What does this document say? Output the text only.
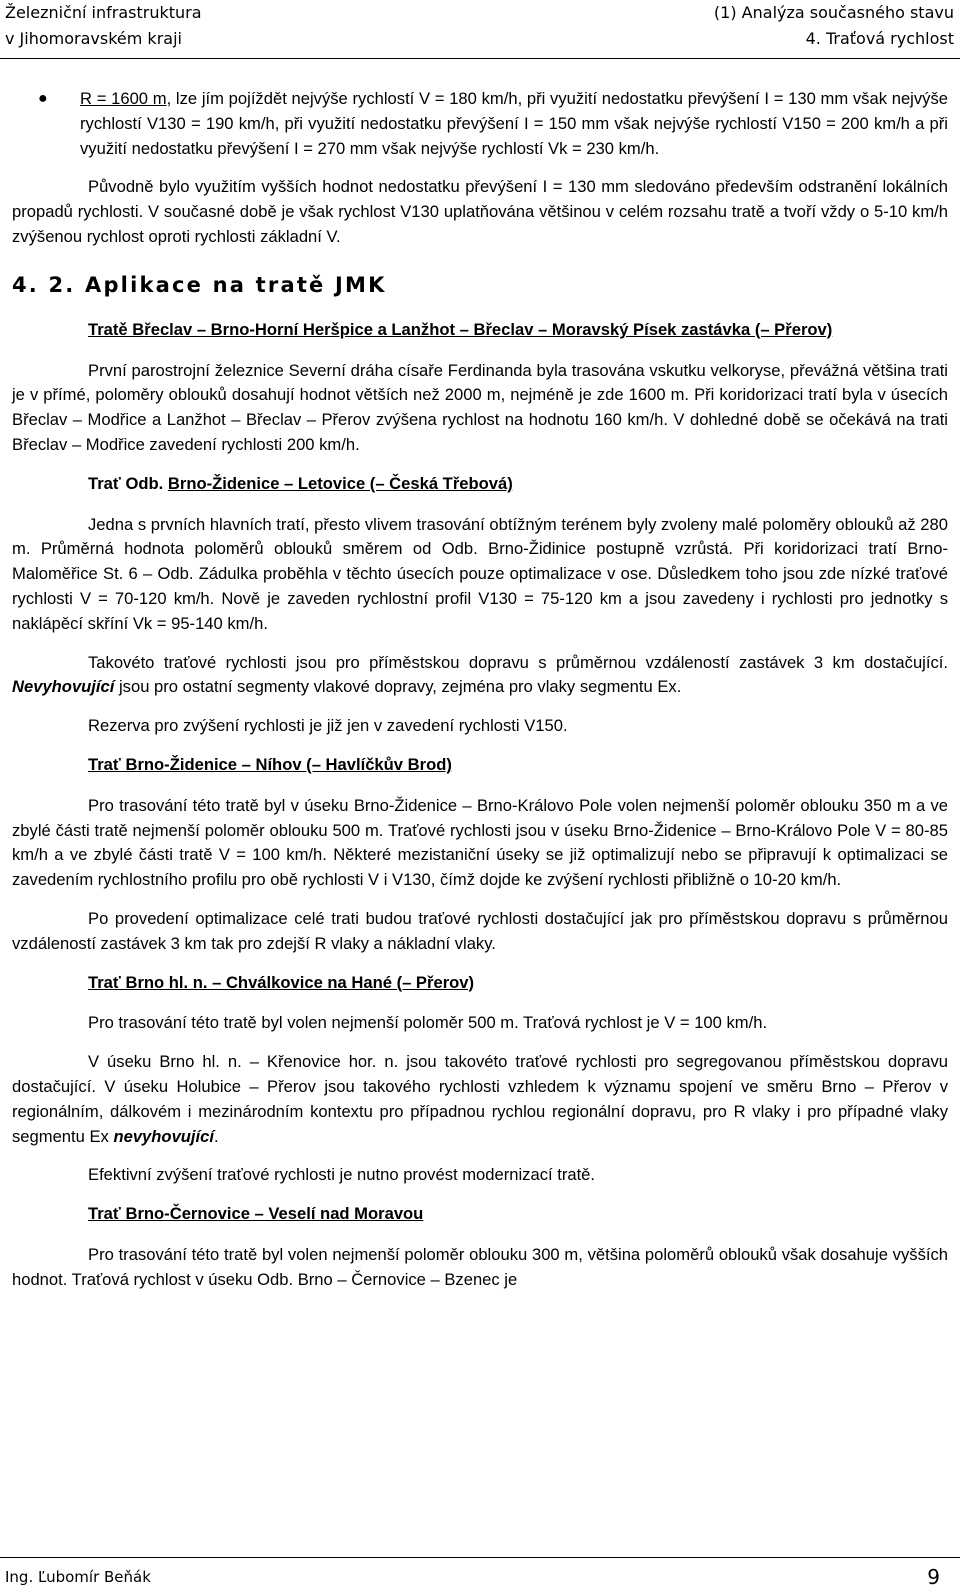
Železniční infrastruktura
v Jihomoravském kraji
(1) Analýza současného stavu
4. Traťová rychlost
● R = 1600 m, lze jím pojíždět nejvýše rychlostí V = 180 km/h, při využití nedostatku převýšení I = 130 mm však nejvýše rychlostí V130 = 190 km/h, při využití nedostatku převýšení I = 150 mm však nejvýše rychlostí V150 = 200 km/h a při využití nedostatku převýšení I = 270 mm však nejvýše rychlostí Vk = 230 km/h.

Původně bylo využitím vyšších hodnot nedostatku převýšení I = 130 mm sledováno především odstranění lokálních propadů rychlosti. V současné době je však rychlost V130 uplatňována většinou v celém rozsahu tratě a tvoří vždy o 5-10 km/h zvýšenou rychlost oproti rychlosti základní V.

4. 2. Aplikace na tratě JMK

Tratě Břeclav – Brno-Horní Heršpice a Lanžhot – Břeclav – Moravský Písek zastávka (– Přerov)

První parostrojní železnice Severní dráha císaře Ferdinanda byla trasována vskutku velkoryse, převážná většina trati je v přímé, poloměry oblouků dosahují hodnot větších než 2000 m, nejméně je zde 1600 m. Při koridorizaci tratí byla v úsecích Břeclav – Modřice a Lanžhot – Břeclav – Přerov zvýšena rychlost na hodnotu 160 km/h. V dohledné době se očekává na trati Břeclav – Modřice zavedení rychlosti 200 km/h.

Trať Odb. Brno-Židenice – Letovice (– Česká Třebová)

Jedna s prvních hlavních tratí, přesto vlivem trasování obtížným terénem byly zvoleny malé poloměry oblouků až 280 m. Průměrná hodnota poloměrů oblouků směrem od Odb. Brno-Židinice postupně vzrůstá. Při koridorizaci tratí Brno-Maloměřice St. 6 – Odb. Zádulka proběhla v těchto úsecích pouze optimalizace v ose. Důsledkem toho jsou zde nízké traťové rychlosti V = 70-120 km/h. Nově je zaveden rychlostní profil V130 = 75-120 km a jsou zavedeny i rychlosti pro jednotky s naklápěcí skříní Vk = 95-140 km/h.

Takovéto traťové rychlosti jsou pro příměstskou dopravu s průměrnou vzdáleností zastávek 3 km dostačující. Nevyhovující jsou pro ostatní segmenty vlakové dopravy, zejména pro vlaky segmentu Ex.

Rezerva pro zvýšení rychlosti je již jen v zavedení rychlosti V150.

Trať Brno-Židenice – Níhov (– Havlíčkův Brod)

Pro trasování této tratě byl v úseku Brno-Židenice – Brno-Královo Pole volen nejmenší poloměr oblouku 350 m a ve zbylé části tratě nejmenší poloměr oblouku 500 m. Traťové rychlosti jsou v úseku Brno-Židenice – Brno-Královo Pole V = 80-85 km/h a ve zbylé části tratě V = 100 km/h. Některé mezistaniční úseky se již optimalizují nebo se připravují k optimalizaci se zavedením rychlostního profilu pro obě rychlosti V i V130, čímž dojde ke zvýšení rychlosti přibližně o 10-20 km/h.

Po provedení optimalizace celé trati budou traťové rychlosti dostačující jak pro příměstskou dopravu s průměrnou vzdáleností zastávek 3 km tak pro zdejší R vlaky a nákladní vlaky.

Trať Brno hl. n. – Chválkovice na Hané (– Přerov)

Pro trasování této tratě byl volen nejmenší poloměr 500 m. Traťová rychlost je V = 100 km/h.

V úseku Brno hl. n. – Křenovice hor. n. jsou takovéto traťové rychlosti pro segregovanou příměstskou dopravu dostačující. V úseku Holubice – Přerov jsou takového rychlosti vzhledem k významu spojení ve směru Brno – Přerov v regionálním, dálkovém i mezinárodním kontextu pro případnou rychlou regionální dopravu, pro R vlaky i pro případné vlaky segmentu Ex nevyhovující.

Efektivní zvýšení traťové rychlosti je nutno provést modernizací tratě.

Trať Brno-Černovice – Veselí nad Moravou

Pro trasování této tratě byl volen nejmenší poloměr oblouku 300 m, většina poloměrů oblouků však dosahuje vyšších hodnot. Traťová rychlost v úseku Odb. Brno – Černovice – Bzenec je

Ing. Ľubomír Beňák	9
